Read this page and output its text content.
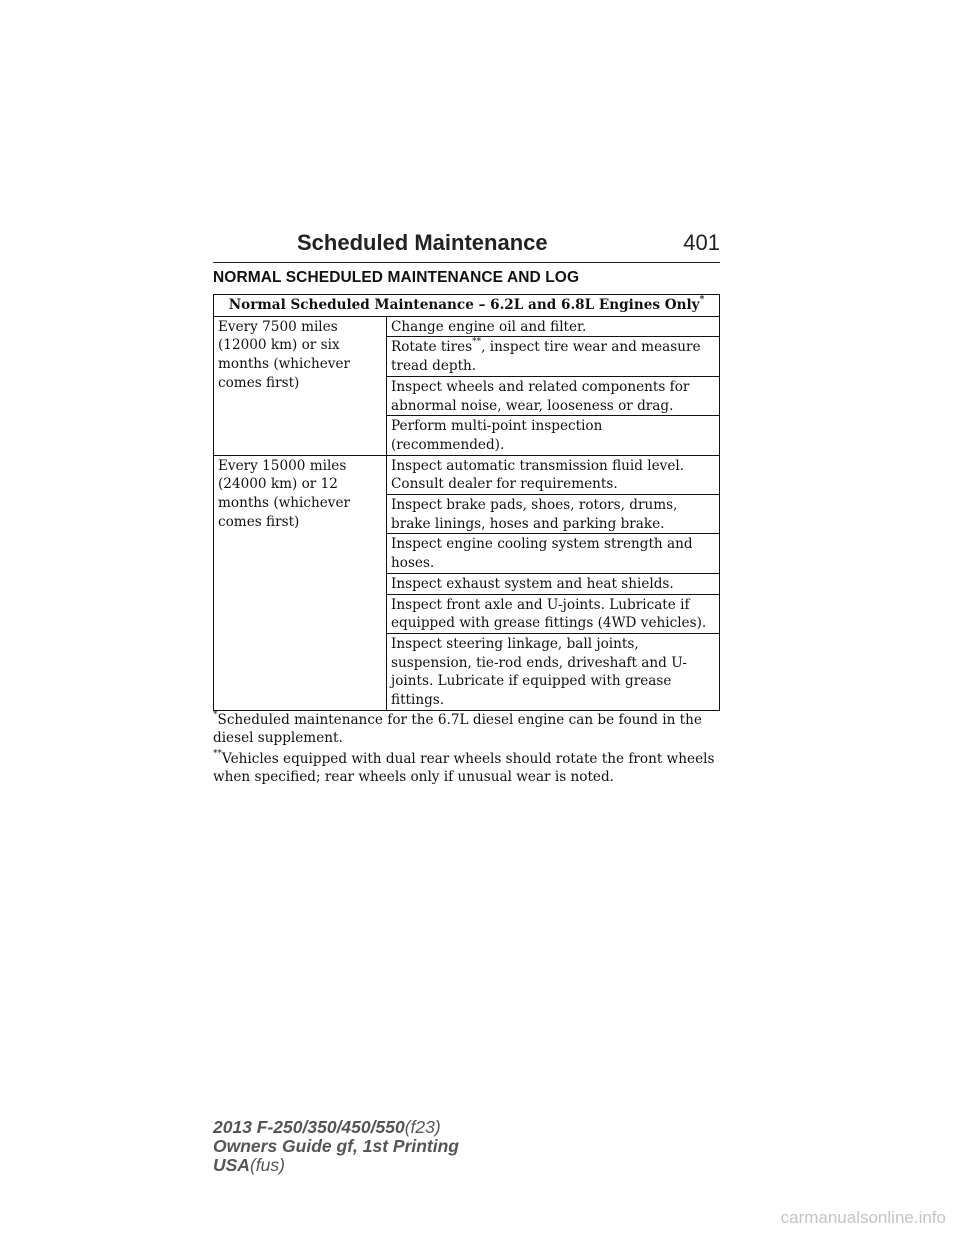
Scheduled Maintenance	401
NORMAL SCHEDULED MAINTENANCE AND LOG
Normal Scheduled Maintenance – 6.2L and 6.8L Engines Only*
Every 7500 miles (12000 km) or six months (whichever comes first)	Change engine oil and filter.
	Rotate tires**, inspect tire wear and measure tread depth.
	Inspect wheels and related components for abnormal noise, wear, looseness or drag.
	Perform multi-point inspection (recommended).
Every 15000 miles (24000 km) or 12 months (whichever comes first)	Inspect automatic transmission fluid level. Consult dealer for requirements.
	Inspect brake pads, shoes, rotors, drums, brake linings, hoses and parking brake.
	Inspect engine cooling system strength and hoses.
	Inspect exhaust system and heat shields.
	Inspect front axle and U-joints. Lubricate if equipped with grease fittings (4WD vehicles).
	Inspect steering linkage, ball joints, suspension, tie-rod ends, driveshaft and U-joints. Lubricate if equipped with grease fittings.
*Scheduled maintenance for the 6.7L diesel engine can be found in the diesel supplement.
**Vehicles equipped with dual rear wheels should rotate the front wheels when specified; rear wheels only if unusual wear is noted.
2013 F-250/350/450/550(f23)
Owners Guide gf, 1st Printing
USA(fus)
carmanualsonline.info
